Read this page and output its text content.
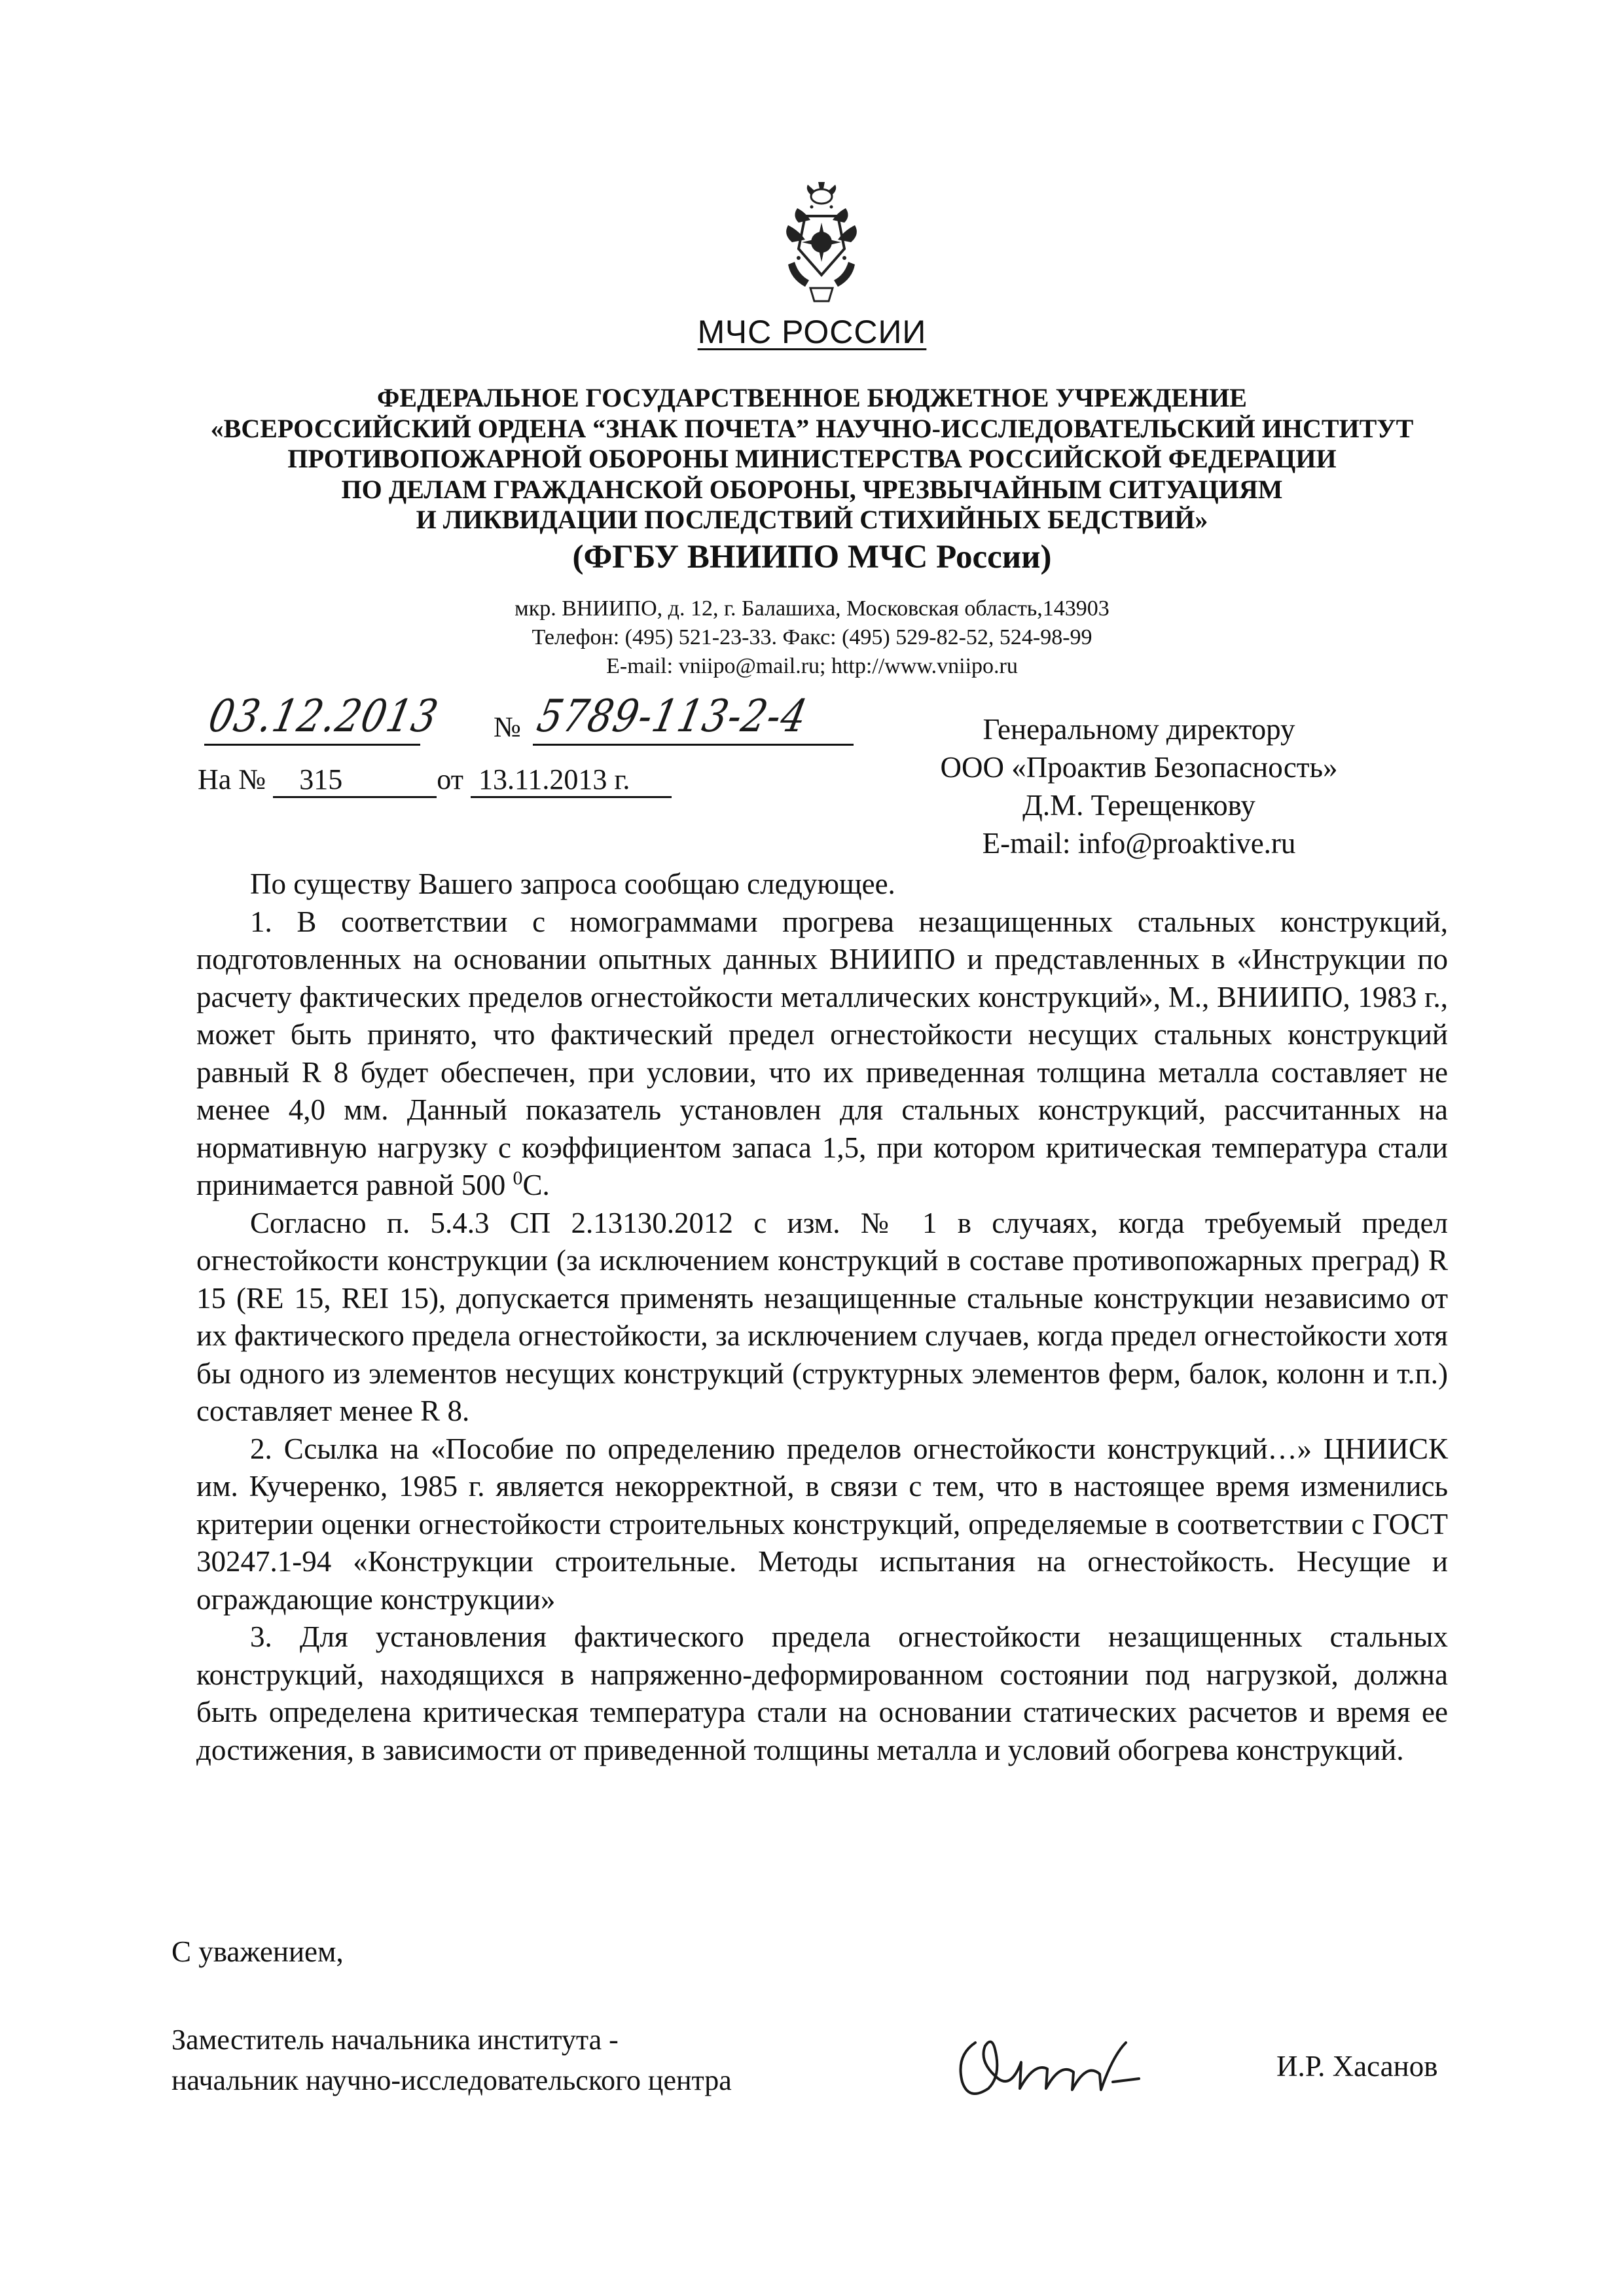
МЧС РОССИИ
ФЕДЕРАЛЬНОЕ ГОСУДАРСТВЕННОЕ БЮДЖЕТНОЕ УЧРЕЖДЕНИЕ
«ВСЕРОССИЙСКИЙ ОРДЕНА “ЗНАК ПОЧЕТА” НАУЧНО-ИССЛЕДОВАТЕЛЬСКИЙ ИНСТИТУТ
ПРОТИВОПОЖАРНОЙ ОБОРОНЫ МИНИСТЕРСТВА РОССИЙСКОЙ ФЕДЕРАЦИИ
ПО ДЕЛАМ ГРАЖДАНСКОЙ ОБОРОНЫ, ЧРЕЗВЫЧАЙНЫМ СИТУАЦИЯМ
И ЛИКВИДАЦИИ ПОСЛЕДСТВИЙ СТИХИЙНЫХ БЕДСТВИЙ»
(ФГБУ ВНИИПО МЧС России)
мкр. ВНИИПО, д. 12, г. Балашиха, Московская область,143903
Телефон: (495) 521-23-33. Факс: (495) 529-82-52, 524-98-99
E-mail: vniipo@mail.ru; http://www.vniipo.ru
03.12.2013 № 5789-113-2-4
На № 315	от 13.11.2013 г.
Генеральному директору
ООО «Проактив Безопасность»
Д.М. Терещенкову
E-mail: info@proaktive.ru

По существу Вашего запроса сообщаю следующее.

1. В соответствии с номограммами прогрева незащищенных стальных конструкций, подготовленных на основании опытных данных ВНИИПО и представленных в «Инструкции по расчету фактических пределов огнестойкости металлических конструкций», М., ВНИИПО, 1983 г., может быть принято, что фактический предел огнестойкости несущих стальных конструкций равный R 8 будет обеспечен, при условии, что их приведенная толщина металла составляет не менее 4,0 мм. Данный показатель установлен для стальных конструкций, рассчитанных на нормативную нагрузку с коэффициентом запаса 1,5, при котором критическая температура стали принимается равной 500 $^0$С.

Согласно п. 5.4.3 СП 2.13130.2012 с изм. № 1 в случаях, когда требуемый предел огнестойкости конструкции (за исключением конструкций в составе противопожарных преград) R 15 (RE 15, REI 15), допускается применять незащищенные стальные конструкции независимо от их фактического предела огнестойкости, за исключением случаев, когда предел огнестойкости хотя бы одного из элементов несущих конструкций (структурных элементов ферм, балок, колонн и т.п.) составляет менее R 8.

2. Ссылка на «Пособие по определению пределов огнестойкости конструкций…» ЦНИИСК им. Кучеренко, 1985 г. является некорректной, в связи с тем, что в настоящее время изменились критерии оценки огнестойкости строительных конструкций, определяемые в соответствии с ГОСТ 30247.1-94 «Конструкции строительные. Методы испытания на огнестойкость. Несущие и ограждающие конструкции»

3. Для установления фактического предела огнестойкости незащищенных стальных конструкций, находящихся в напряженно-деформированном состоянии под нагрузкой, должна быть определена критическая температура стали на основании статических расчетов и время ее достижения, в зависимости от приведенной толщины металла и условий обогрева конструкций.

С уважением,
Заместитель начальника института -
начальник научно-исследовательского центра	И.Р. Хасанов
